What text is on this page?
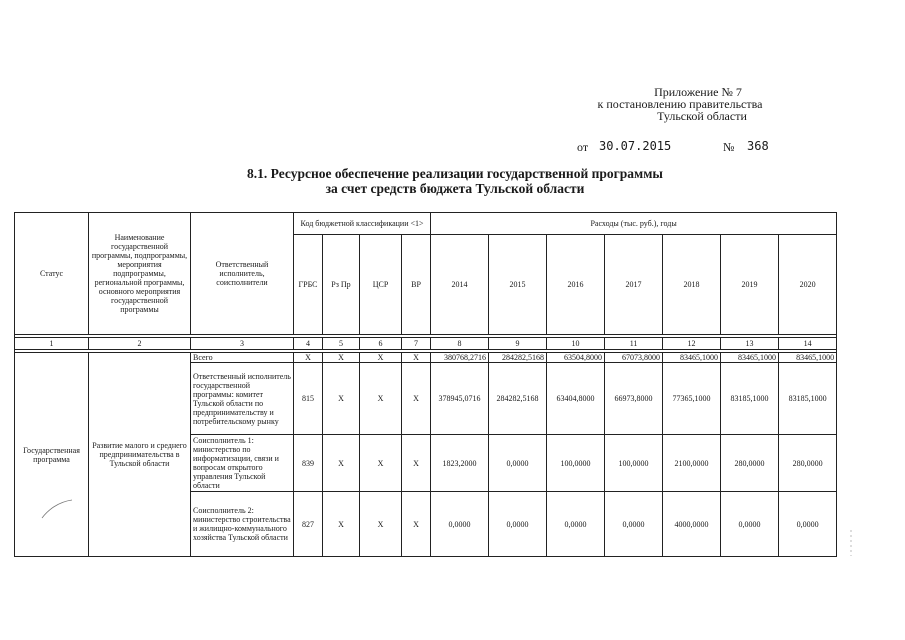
Приложение № 7
к постановлению правительства
Тульской области
от 30.07.2015	№ 368
8.1. Ресурсное обеспечение реализации государственной программы
за счет средств бюджета Тульской области
Статус	Наименование государственной программы, подпрограммы, мероприятия подпрограммы, региональной программы, основного мероприятия государственной программы	Ответственный исполнитель, соисполнители	Код бюджетной классификации <1>				Расходы (тыс. руб.), годы						
			ГРБС	Рз Пр	ЦСР	ВР	2014	2015	2016	2017	2018	2019	2020

1	2	3	4	5	6	7	8	9	10	11	12	13	14

Государственная программа	Развитие малого и среднего предпринимательства в Тульской области	Всего	X	X	X	X	380768,2716	284282,5168	63504,8000	67073,8000	83465,1000	83465,1000	83465,1000
		Ответственный исполнитель государственной программы: комитет Тульской области по предпринимательству и потребительскому рынку	815	X	X	X	378945,0716	284282,5168	63404,8000	66973,8000	77365,1000	83185,1000	83185,1000
		Соисполнитель 1: министерство по информатизации, связи и вопросам открытого управления Тульской области	839	X	X	X	1823,2000	0,0000	100,0000	100,0000	2100,0000	280,0000	280,0000
		Соисполнитель 2: министерство строительства и жилищно-коммунального хозяйства Тульской области	827	X	X	X	0,0000	0,0000	0,0000	0,0000	4000,0000	0,0000	0,0000
